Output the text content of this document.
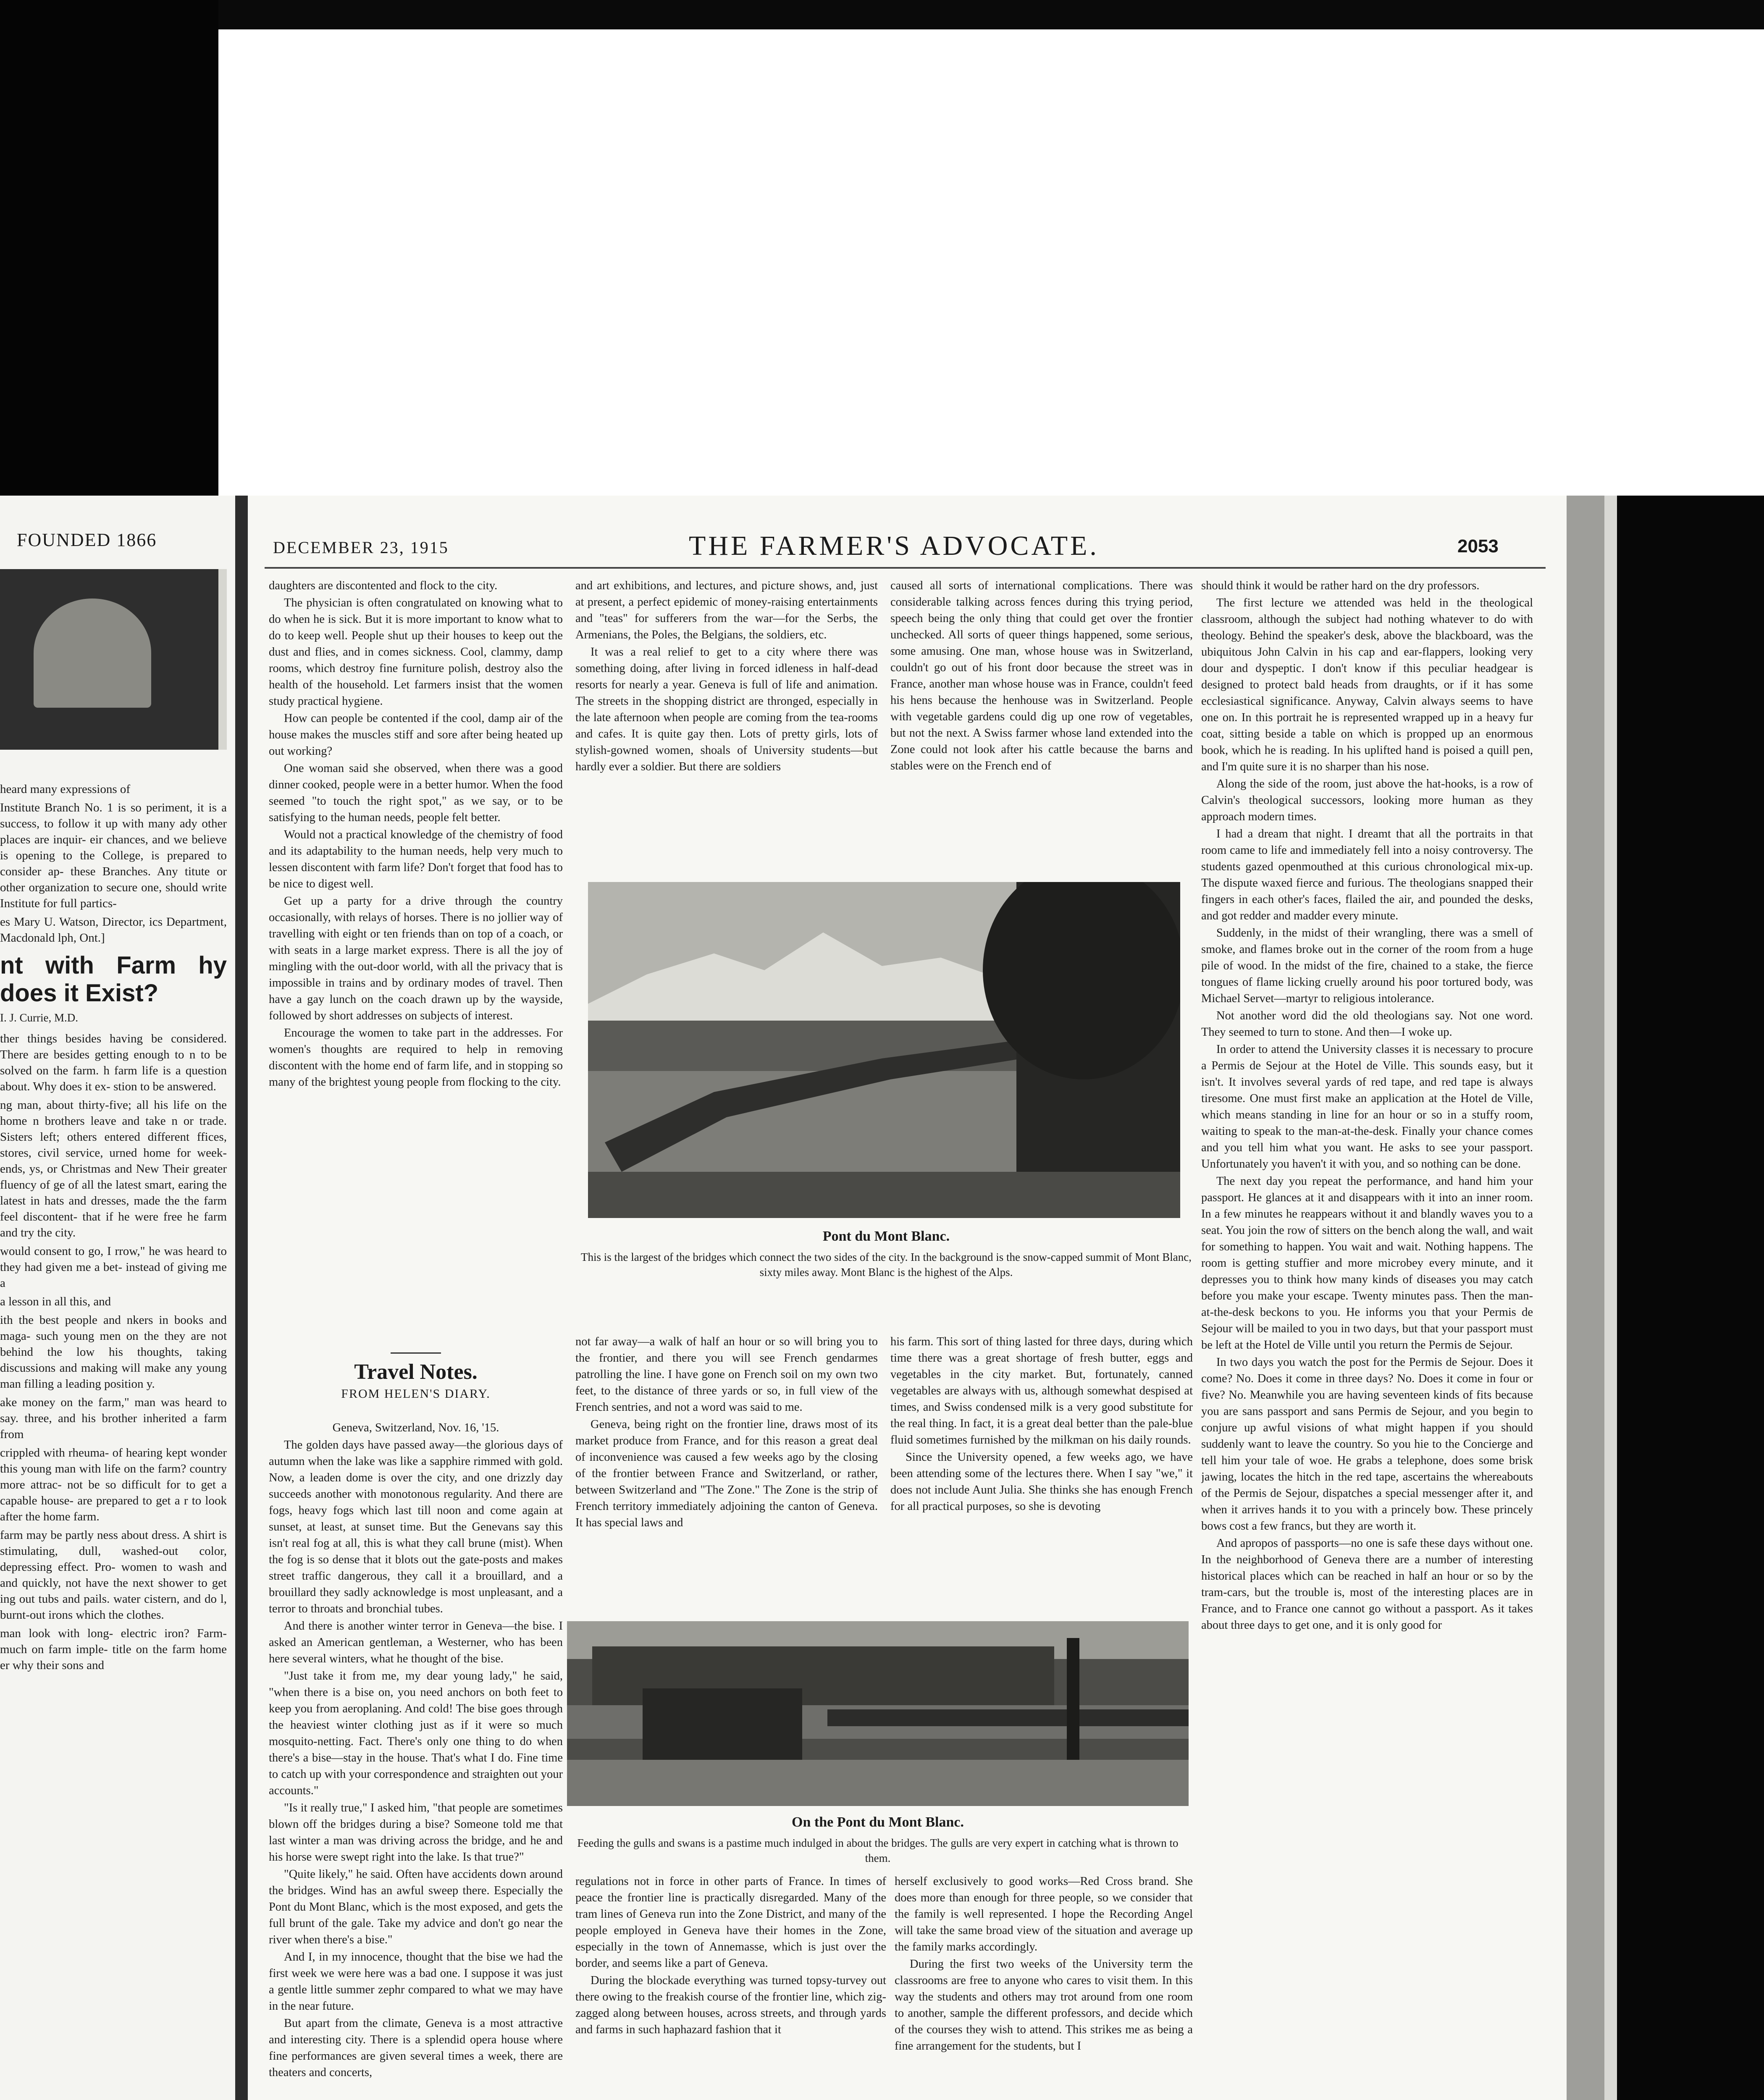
FOUNDED 1866

heard many expressions of

Institute Branch No. 1 is so periment, it is a success, to follow it up with many ady other places are inquir- eir chances, and we believe is opening to the College, is prepared to consider ap- these Branches. Any titute or other organization to secure one, should write Institute for full partics-

es Mary U. Watson, Director, ics Department, Macdonald lph, Ont.]

nt with Farm hy does it Exist?
I. J. Currie, M.D.

ther things besides having be considered. There are besides getting enough to n to be solved on the farm. h farm life is a question about. Why does it ex- stion to be answered.

ng man, about thirty-five; all his life on the home n brothers leave and take n or trade. Sisters left; others entered different ffices, stores, civil service, urned home for week-ends, ys, or Christmas and New Their greater fluency of ge of all the latest smart, earing the latest in hats and dresses, made the the farm feel discontent- that if he were free he farm and try the city.

would consent to go, I rrow," he was heard to they had given me a bet- instead of giving me a

a lesson in all this, and

ith the best people and nkers in books and maga- such young men on the they are not behind the low his thoughts, taking discussions and making will make any young man filling a leading position y.

ake money on the farm," man was heard to say. three, and his brother inherited a farm from

crippled with rheuma- of hearing kept wonder this young man with life on the farm? country more attrac- not be so difficult for to get a capable house- are prepared to get a r to look after the home farm.

farm may be partly ness about dress. A shirt is stimulating, dull, washed-out color, depressing effect. Pro- women to wash and and quickly, not have the next shower to get ing out tubs and pails. water cistern, and do l, burnt-out irons which the clothes.

man look with long- electric iron? Farm- much on farm imple- title on the farm home er why their sons and

DECEMBER 23, 1915	THE FARMER'S ADVOCATE.	2053

daughters are discontented and flock to the city.

The physician is often congratulated on knowing what to do when he is sick. But it is more important to know what to do to keep well. People shut up their houses to keep out the dust and flies, and in comes sickness. Cool, clammy, damp rooms, which destroy fine furniture polish, destroy also the health of the household. Let farmers insist that the women study practical hygiene.

How can people be contented if the cool, damp air of the house makes the muscles stiff and sore after being heated up out working?

One woman said she observed, when there was a good dinner cooked, people were in a better humor. When the food seemed "to touch the right spot," as we say, or to be satisfying to the human needs, people felt better.

Would not a practical knowledge of the chemistry of food and its adaptability to the human needs, help very much to lessen discontent with farm life? Don't forget that food has to be nice to digest well.

Get up a party for a drive through the country occasionally, with relays of horses. There is no jollier way of travelling with eight or ten friends than on top of a coach, or with seats in a large market express. There is all the joy of mingling with the out-door world, with all the privacy that is impossible in trains and by ordinary modes of travel. Then have a gay lunch on the coach drawn up by the wayside, followed by short addresses on subjects of interest.

Encourage the women to take part in the addresses. For women's thoughts are required to help in removing discontent with the home end of farm life, and in stopping so many of the brightest young people from flocking to the city.

Travel Notes.
FROM HELEN'S DIARY.

Geneva, Switzerland, Nov. 16, '15.

The golden days have passed away—the glorious days of autumn when the lake was like a sapphire rimmed with gold. Now, a leaden dome is over the city, and one drizzly day succeeds another with monotonous regularity. And there are fogs, heavy fogs which last till noon and come again at sunset, at least, at sunset time. But the Genevans say this isn't real fog at all, this is what they call brune (mist). When the fog is so dense that it blots out the gate-posts and makes street traffic dangerous, they call it a brouillard, and a brouillard they sadly acknowledge is most unpleasant, and a terror to throats and bronchial tubes.

And there is another winter terror in Geneva—the bise. I asked an American gentleman, a Westerner, who has been here several winters, what he thought of the bise.

"Just take it from me, my dear young lady," he said, "when there is a bise on, you need anchors on both feet to keep you from aeroplaning. And cold! The bise goes through the heaviest winter clothing just as if it were so much mosquito-netting. Fact. There's only one thing to do when there's a bise—stay in the house. That's what I do. Fine time to catch up with your correspondence and straighten out your accounts."

"Is it really true," I asked him, "that people are sometimes blown off the bridges during a bise? Someone told me that last winter a man was driving across the bridge, and he and his horse were swept right into the lake. Is that true?"

"Quite likely," he said. Often have accidents down around the bridges. Wind has an awful sweep there. Especially the Pont du Mont Blanc, which is the most exposed, and gets the full brunt of the gale. Take my advice and don't go near the river when there's a bise."

And I, in my innocence, thought that the bise we had the first week we were here was a bad one. I suppose it was just a gentle little summer zephr compared to what we may have in the near future.

But apart from the climate, Geneva is a most attractive and interesting city. There is a splendid opera house where fine performances are given several times a week, there are theaters and concerts,

and art exhibitions, and lectures, and picture shows, and, just at present, a perfect epidemic of money-raising entertainments and "teas" for sufferers from the war—for the Serbs, the Armenians, the Poles, the Belgians, the soldiers, etc.

It was a real relief to get to a city where there was something doing, after living in forced idleness in half-dead resorts for nearly a year. Geneva is full of life and animation. The streets in the shopping district are thronged, especially in the late afternoon when people are coming from the tea-rooms and cafes. It is quite gay then. Lots of pretty girls, lots of stylish-gowned women, shoals of University students—but hardly ever a soldier. But there are soldiers

caused all sorts of international complications. There was considerable talking across fences during this trying period, speech being the only thing that could get over the frontier unchecked. All sorts of queer things happened, some serious, some amusing. One man, whose house was in Switzerland, couldn't go out of his front door because the street was in France, another man whose house was in France, couldn't feed his hens because the henhouse was in Switzerland. People with vegetable gardens could dig up one row of vegetables, but not the next. A Swiss farmer whose land extended into the Zone could not look after his cattle because the barns and stables were on the French end of

Pont du Mont Blanc.
This is the largest of the bridges which connect the two sides of the city. In the background is the snow-capped summit of Mont Blanc, sixty miles away. Mont Blanc is the highest of the Alps.

not far away—a walk of half an hour or so will bring you to the frontier, and there you will see French gendarmes patrolling the line. I have gone on French soil on my own two feet, to the distance of three yards or so, in full view of the French sentries, and not a word was said to me.

Geneva, being right on the frontier line, draws most of its market produce from France, and for this reason a great deal of inconvenience was caused a few weeks ago by the closing of the frontier between France and Switzerland, or rather, between Switzerland and "The Zone." The Zone is the strip of French territory immediately adjoining the canton of Geneva. It has special laws and

his farm. This sort of thing lasted for three days, during which time there was a great shortage of fresh butter, eggs and vegetables in the city market. But, fortunately, canned vegetables are always with us, although somewhat despised at times, and Swiss condensed milk is a very good substitute for the real thing. In fact, it is a great deal better than the pale-blue fluid sometimes furnished by the milkman on his daily rounds.

Since the University opened, a few weeks ago, we have been attending some of the lectures there. When I say "we," it does not include Aunt Julia. She thinks she has enough French for all practical purposes, so she is devoting

On the Pont du Mont Blanc.
Feeding the gulls and swans is a pastime much indulged in about the bridges. The gulls are very expert in catching what is thrown to them.

regulations not in force in other parts of France. In times of peace the frontier line is practically disregarded. Many of the tram lines of Geneva run into the Zone District, and many of the people employed in Geneva have their homes in the Zone, especially in the town of Annemasse, which is just over the border, and seems like a part of Geneva.

During the blockade everything was turned topsy-turvey out there owing to the freakish course of the frontier line, which zig-zagged along between houses, across streets, and through yards and farms in such haphazard fashion that it

herself exclusively to good works—Red Cross brand. She does more than enough for three people, so we consider that the family is well represented. I hope the Recording Angel will take the same broad view of the situation and average up the family marks accordingly.

During the first two weeks of the University term the classrooms are free to anyone who cares to visit them. In this way the students and others may trot around from one room to another, sample the different professors, and decide which of the courses they wish to attend. This strikes me as being a fine arrangement for the students, but I

should think it would be rather hard on the dry professors.

The first lecture we attended was held in the theological classroom, although the subject had nothing whatever to do with theology. Behind the speaker's desk, above the blackboard, was the ubiquitous John Calvin in his cap and ear-flappers, looking very dour and dyspeptic. I don't know if this peculiar headgear is designed to protect bald heads from draughts, or if it has some ecclesiastical significance. Anyway, Calvin always seems to have one on. In this portrait he is represented wrapped up in a heavy fur coat, sitting beside a table on which is propped up an enormous book, which he is reading. In his uplifted hand is poised a quill pen, and I'm quite sure it is no sharper than his nose.

Along the side of the room, just above the hat-hooks, is a row of Calvin's theological successors, looking more human as they approach modern times.

I had a dream that night. I dreamt that all the portraits in that room came to life and immediately fell into a noisy controversy. The students gazed openmouthed at this curious chronological mix-up. The dispute waxed fierce and furious. The theologians snapped their fingers in each other's faces, flailed the air, and pounded the desks, and got redder and madder every minute.

Suddenly, in the midst of their wrangling, there was a smell of smoke, and flames broke out in the corner of the room from a huge pile of wood. In the midst of the fire, chained to a stake, the fierce tongues of flame licking cruelly around his poor tortured body, was Michael Servet—martyr to religious intolerance.

Not another word did the old theologians say. Not one word. They seemed to turn to stone. And then—I woke up.

In order to attend the University classes it is necessary to procure a Permis de Sejour at the Hotel de Ville. This sounds easy, but it isn't. It involves several yards of red tape, and red tape is always tiresome. One must first make an application at the Hotel de Ville, which means standing in line for an hour or so in a stuffy room, waiting to speak to the man-at-the-desk. Finally your chance comes and you tell him what you want. He asks to see your passport. Unfortunately you haven't it with you, and so nothing can be done.

The next day you repeat the performance, and hand him your passport. He glances at it and disappears with it into an inner room. In a few minutes he reappears without it and blandly waves you to a seat. You join the row of sitters on the bench along the wall, and wait for something to happen. You wait and wait. Nothing happens. The room is getting stuffier and more microbey every minute, and it depresses you to think how many kinds of diseases you may catch before you make your escape. Twenty minutes pass. Then the man-at-the-desk beckons to you. He informs you that your Permis de Sejour will be mailed to you in two days, but that your passport must be left at the Hotel de Ville until you return the Permis de Sejour.

In two days you watch the post for the Permis de Sejour. Does it come? No. Does it come in three days? No. Does it come in four or five? No. Meanwhile you are having seventeen kinds of fits because you are sans passport and sans Permis de Sejour, and you begin to conjure up awful visions of what might happen if you should suddenly want to leave the country. So you hie to the Concierge and tell him your tale of woe. He grabs a telephone, does some brisk jawing, locates the hitch in the red tape, ascertains the whereabouts of the Permis de Sejour, dispatches a special messenger after it, and when it arrives hands it to you with a princely bow. These princely bows cost a few francs, but they are worth it.

And apropos of passports—no one is safe these days without one. In the neighborhood of Geneva there are a number of interesting historical places which can be reached in half an hour or so by the tram-cars, but the trouble is, most of the interesting places are in France, and to France one cannot go without a passport. As it takes about three days to get one, and it is only good for
